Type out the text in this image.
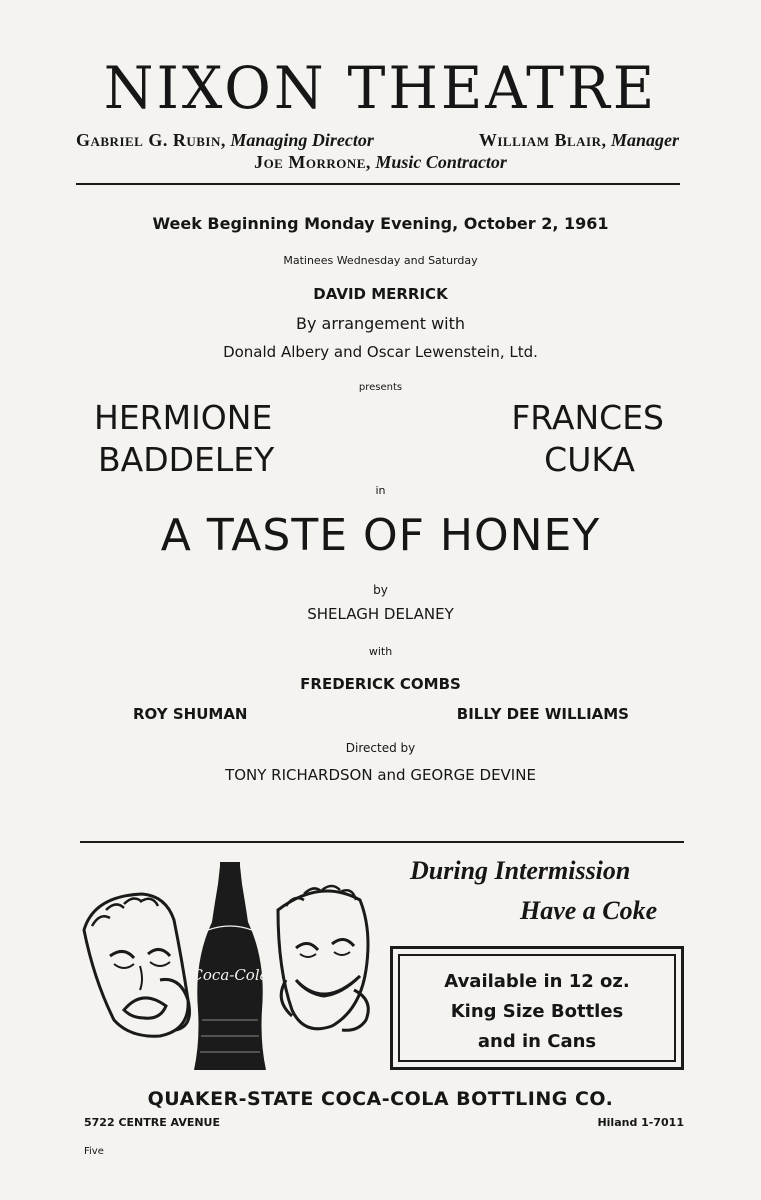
NIXON THEATRE
Gabriel G. Rubin, Managing Director	William Blair, Manager
Joe Morrone, Music Contractor
Week Beginning Monday Evening, October 2, 1961
Matinees Wednesday and Saturday
DAVID MERRICK
By arrangement with
Donald Albery and Oscar Lewenstein, Ltd.
presents
HERMIONE
BADDELEY
FRANCES
CUKA
in
A TASTE OF HONEY
by
SHELAGH DELANEY
with
FREDERICK COMBS
ROY SHUMAN	BILLY DEE WILLIAMS
Directed by
TONY RICHARDSON and GEORGE DEVINE
Coca-Cola
During Intermission
Have a Coke
Available in 12 oz.
King Size Bottles
and in Cans
QUAKER-STATE COCA-COLA BOTTLING CO.
5722 CENTRE AVENUE	Hiland 1-7011
Five
